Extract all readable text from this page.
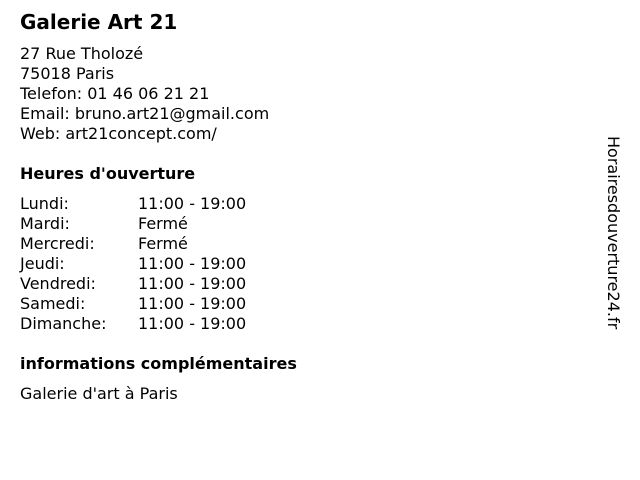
Galerie Art 21
27 Rue Tholozé
75018 Paris
Telefon: 01 46 06 21 21
Email: bruno.art21@gmail.com
Web: art21concept.com/
Heures d'ouverture
Lundi:	11:00 - 19:00
Mardi:	Fermé
Mercredi:	Fermé
Jeudi:	11:00 - 19:00
Vendredi:	11:00 - 19:00
Samedi:	11:00 - 19:00
Dimanche:	11:00 - 19:00
informations complémentaires
Galerie d'art à Paris
Horairesdouverture24.fr
